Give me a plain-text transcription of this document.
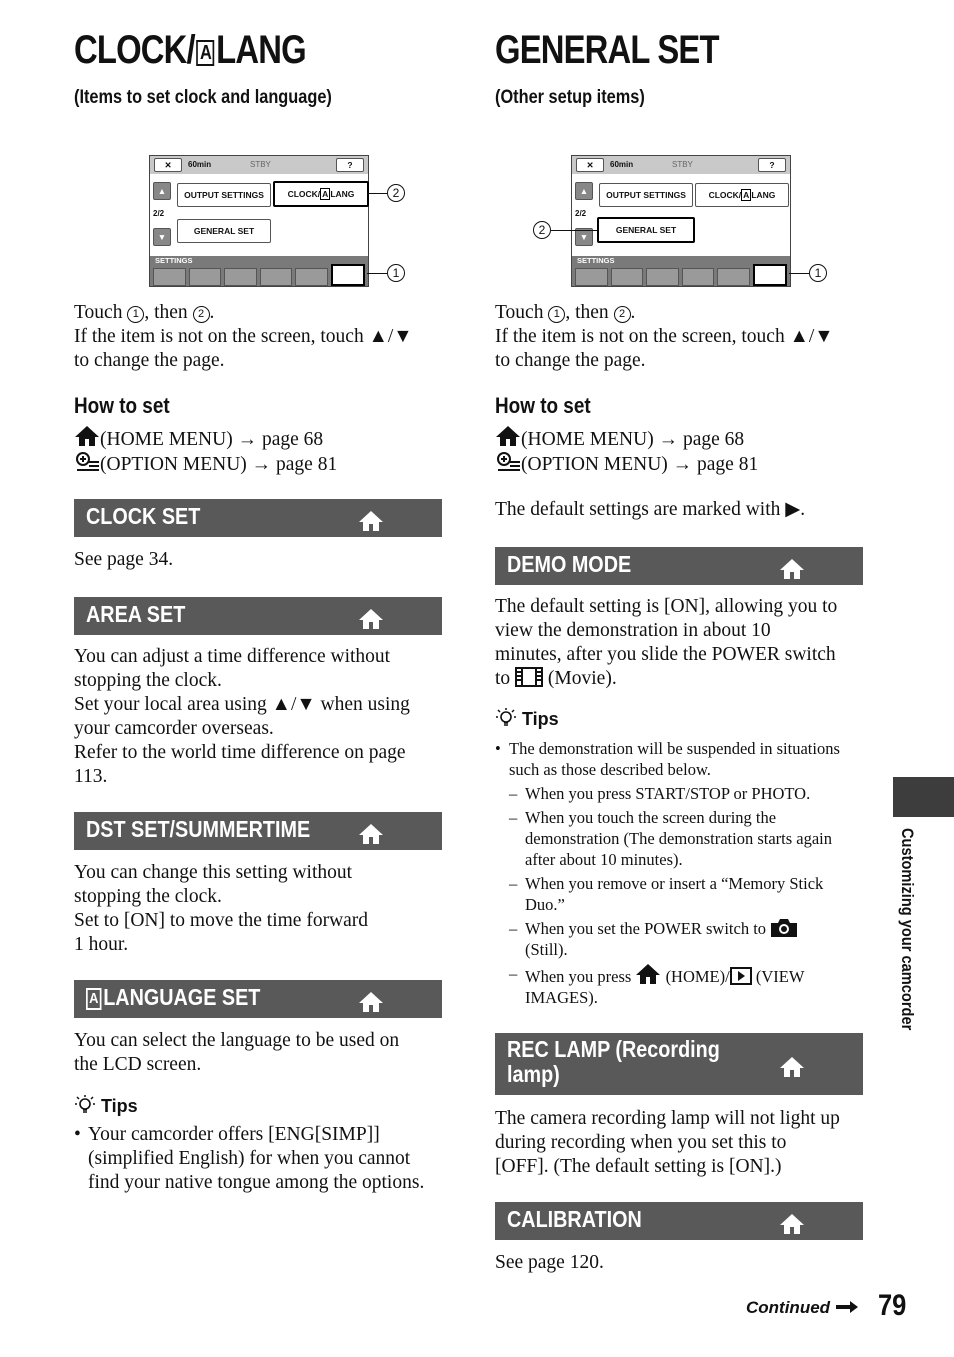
CLOCK/ A LANG
(Items to set clock and language)
✕	60min	STBY	?
▲
2/2
▼
OUTPUT SETTINGS	CLOCK/ A LANG
GENERAL SET
SETTINGS
2
1

Touch 1 , then 2 .

If the item is not on the screen, touch ▲/▼

to change the page.

How to set

(HOME MENU) → page 68

(OPTION MENU) → page 81

CLOCK SET
See page 34.
AREA SET

You can adjust a time difference without

stopping the clock.

Set your local area using ▲/▼ when using

your camcorder overseas.

Refer to the world time difference on page

113.

DST SET/SUMMERTIME

You can change this setting without

stopping the clock.

Set to [ON] to move the time forward

1 hour.

A LANGUAGE SET

You can select the language to be used on

the LCD screen.

Tips
• Your camcorder offers [ENG[SIMP]] (simplified English) for when you cannot find your native tongue among the options.
GENERAL SET
(Other setup items)
✕	60min	STBY	?
▲
2/2
▼
OUTPUT SETTINGS	CLOCK/ A LANG
GENERAL SET
SETTINGS
2
1

Touch 1 , then 2 .

If the item is not on the screen, touch ▲/▼

to change the page.

How to set

(HOME MENU) → page 68

(OPTION MENU) → page 81

The default settings are marked with ▶.
DEMO MODE

The default setting is [ON], allowing you to

view the demonstration in about 10

minutes, after you slide the POWER switch

to (Movie).

Tips
• The demonstration will be suspended in situations such as those described below.
– When you press START/STOP or PHOTO.
– When you touch the screen during the demonstration (The demonstration starts again after about 10 minutes).
– When you remove or insert a “Memory Stick Duo.”
– When you set the POWER switch to
(Still).
– When you press (HOME)/ (VIEW IMAGES).
REC LAMP (Recording
lamp)

The camera recording lamp will not light up

during recording when you set this to

[OFF]. (The default setting is [ON].)

CALIBRATION
See page 120.
Customizing your camcorder
Continued	79
